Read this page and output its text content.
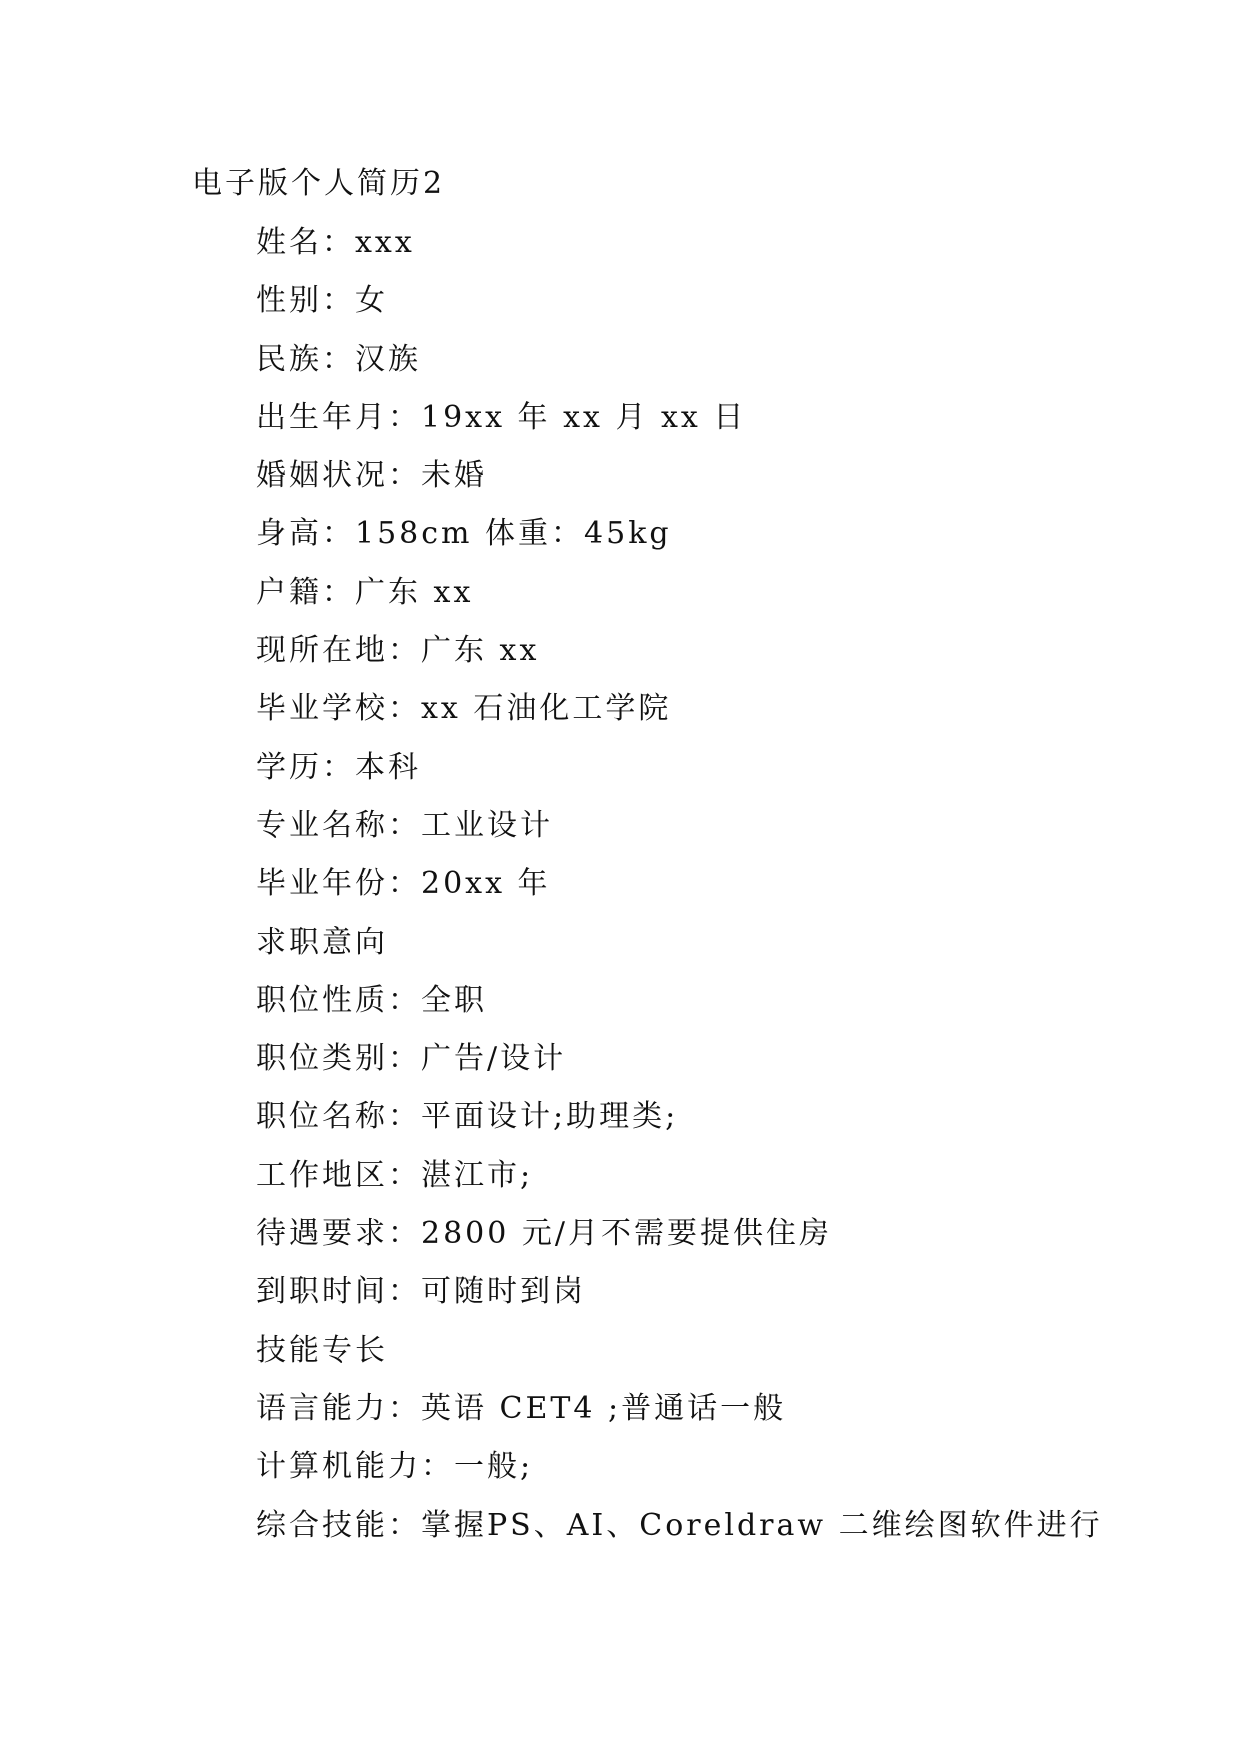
电子版个人简历2
姓名：xxx
性别：女
民族：汉族
出生年月：19xx 年 xx 月 xx 日
婚姻状况：未婚
身高：158cm 体重：45kg
户籍：广东 xx
现所在地：广东 xx
毕业学校：xx 石油化工学院
学历：本科
专业名称：工业设计
毕业年份：20xx 年
求职意向
职位性质：全职
职位类别：广告/设计
职位名称：平面设计;助理类;
工作地区：湛江市;
待遇要求：2800 元/月不需要提供住房
到职时间：可随时到岗
技能专长
语言能力：英语 CET4 ;普通话一般
计算机能力：一般;
综合技能：掌握PS、AI、Coreldraw 二维绘图软件进行
